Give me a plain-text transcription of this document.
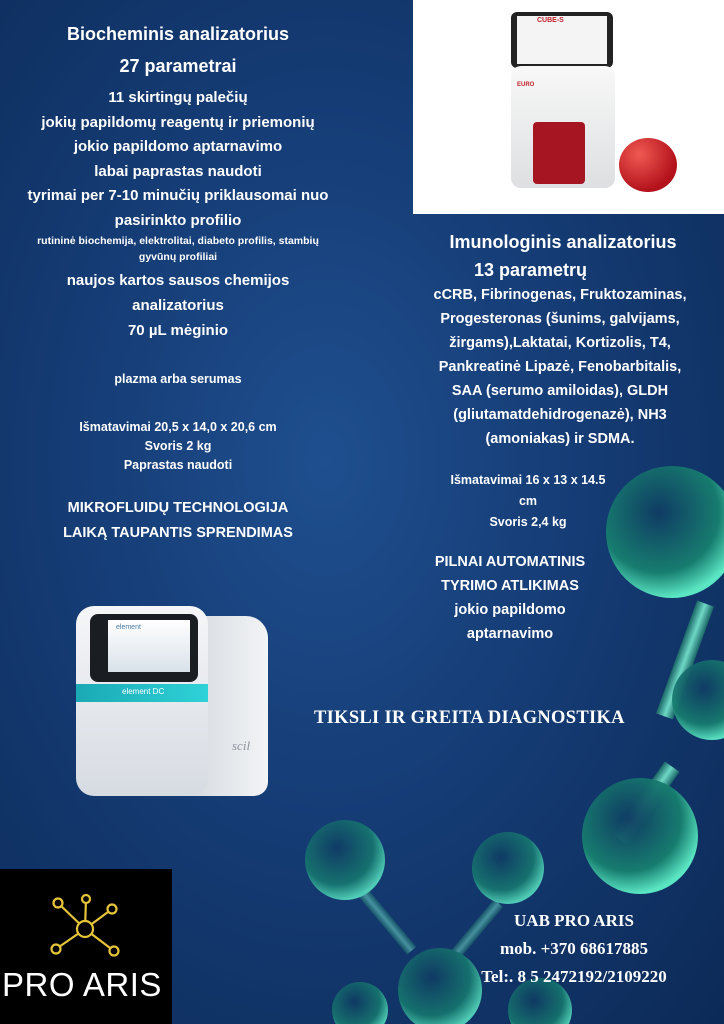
Biocheminis analizatorius
27 parametrai
11 skirtingų palečių
jokių papildomų reagentų ir priemonių
jokio papildomo aptarnavimo
labai paprastas naudoti
tyrimai per 7-10 minučių priklausomai nuo
pasirinkto profilio
rutininė biochemija, elektrolitai, diabeto profilis, stambių
gyvūnų profiliai
naujos kartos sausos chemijos
analizatorius
70 µL mėginio
plazma arba serumas
Išmatavimai 20,5 x 14,0 x 20,6 cm
Svoris 2 kg
Paprastas naudoti
MIKROFLUIDŲ TECHNOLOGIJA
LAIKĄ TAUPANTIS SPRENDIMAS
element
element DC
scil
CUBE-S
EURO
Imunologinis analizatorius
13 parametrų
cCRB, Fibrinogenas, Fruktozaminas,
Progesteronas (šunims, galvijams,
žirgams),Laktatai, Kortizolis, T4,
Pankreatinė Lipazė, Fenobarbitalis,
SAA (serumo amiloidas), GLDH
(gliutamatdehidrogenazė), NH3
(amoniakas) ir SDMA.
Išmatavimai 16 x 13 x 14.5
cm
Svoris 2,4 kg
PILNAI AUTOMATINIS
TYRIMO ATLIKIMAS
jokio papildomo
aptarnavimo
TIKSLI IR GREITA DIAGNOSTIKA
UAB PRO ARIS
mob. +370 68617885
Tel:. 8 5 2472192/2109220
PRO ARIS
